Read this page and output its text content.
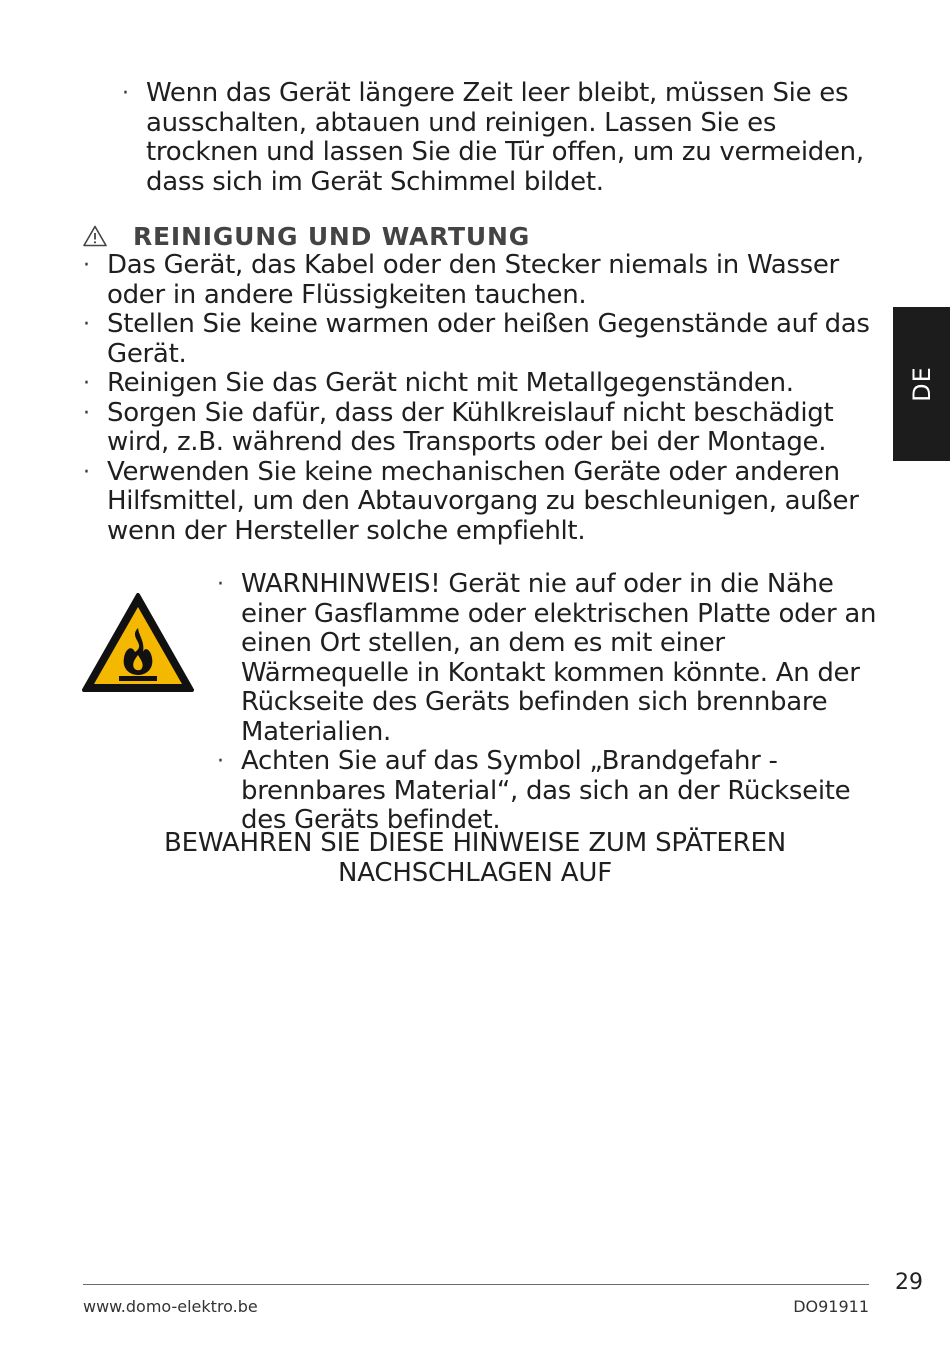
· Wenn das Gerät längere Zeit leer bleibt, müssen Sie es ausschalten, abtauen und reinigen. Lassen Sie es trocknen und lassen Sie die Tür offen, um zu vermeiden, dass sich im Gerät Schimmel bildet.
REINIGUNG UND WARTUNG
· Das Gerät, das Kabel oder den Stecker niemals in Wasser oder in andere Flüssigkeiten tauchen.
· Stellen Sie keine warmen oder heißen Gegenstände auf das Gerät.
· Reinigen Sie das Gerät nicht mit Metallgegenständen.
· Sorgen Sie dafür, dass der Kühlkreislauf nicht beschädigt wird, z.B. während des Transports oder bei der Montage.
· Verwenden Sie keine mechanischen Geräte oder anderen Hilfsmittel, um den Abtauvorgang zu beschleunigen, außer wenn der Hersteller solche empfiehlt.
· WARNHINWEIS! Gerät nie auf oder in die Nähe einer Gasflamme oder elektrischen Platte oder an einen Ort stellen, an dem es mit einer Wärmequelle in Kontakt kommen könnte. An der Rückseite des Geräts befinden sich brennbare Materialien.
· Achten Sie auf das Symbol „Brandgefahr - brennbares Material“, das sich an der Rückseite des Geräts befindet.
BEWAHREN SIE DIESE HINWEISE ZUM SPÄTEREN
NACHSCHLAGEN AUF
DE
29
www.domo-elektro.be	DO91911
